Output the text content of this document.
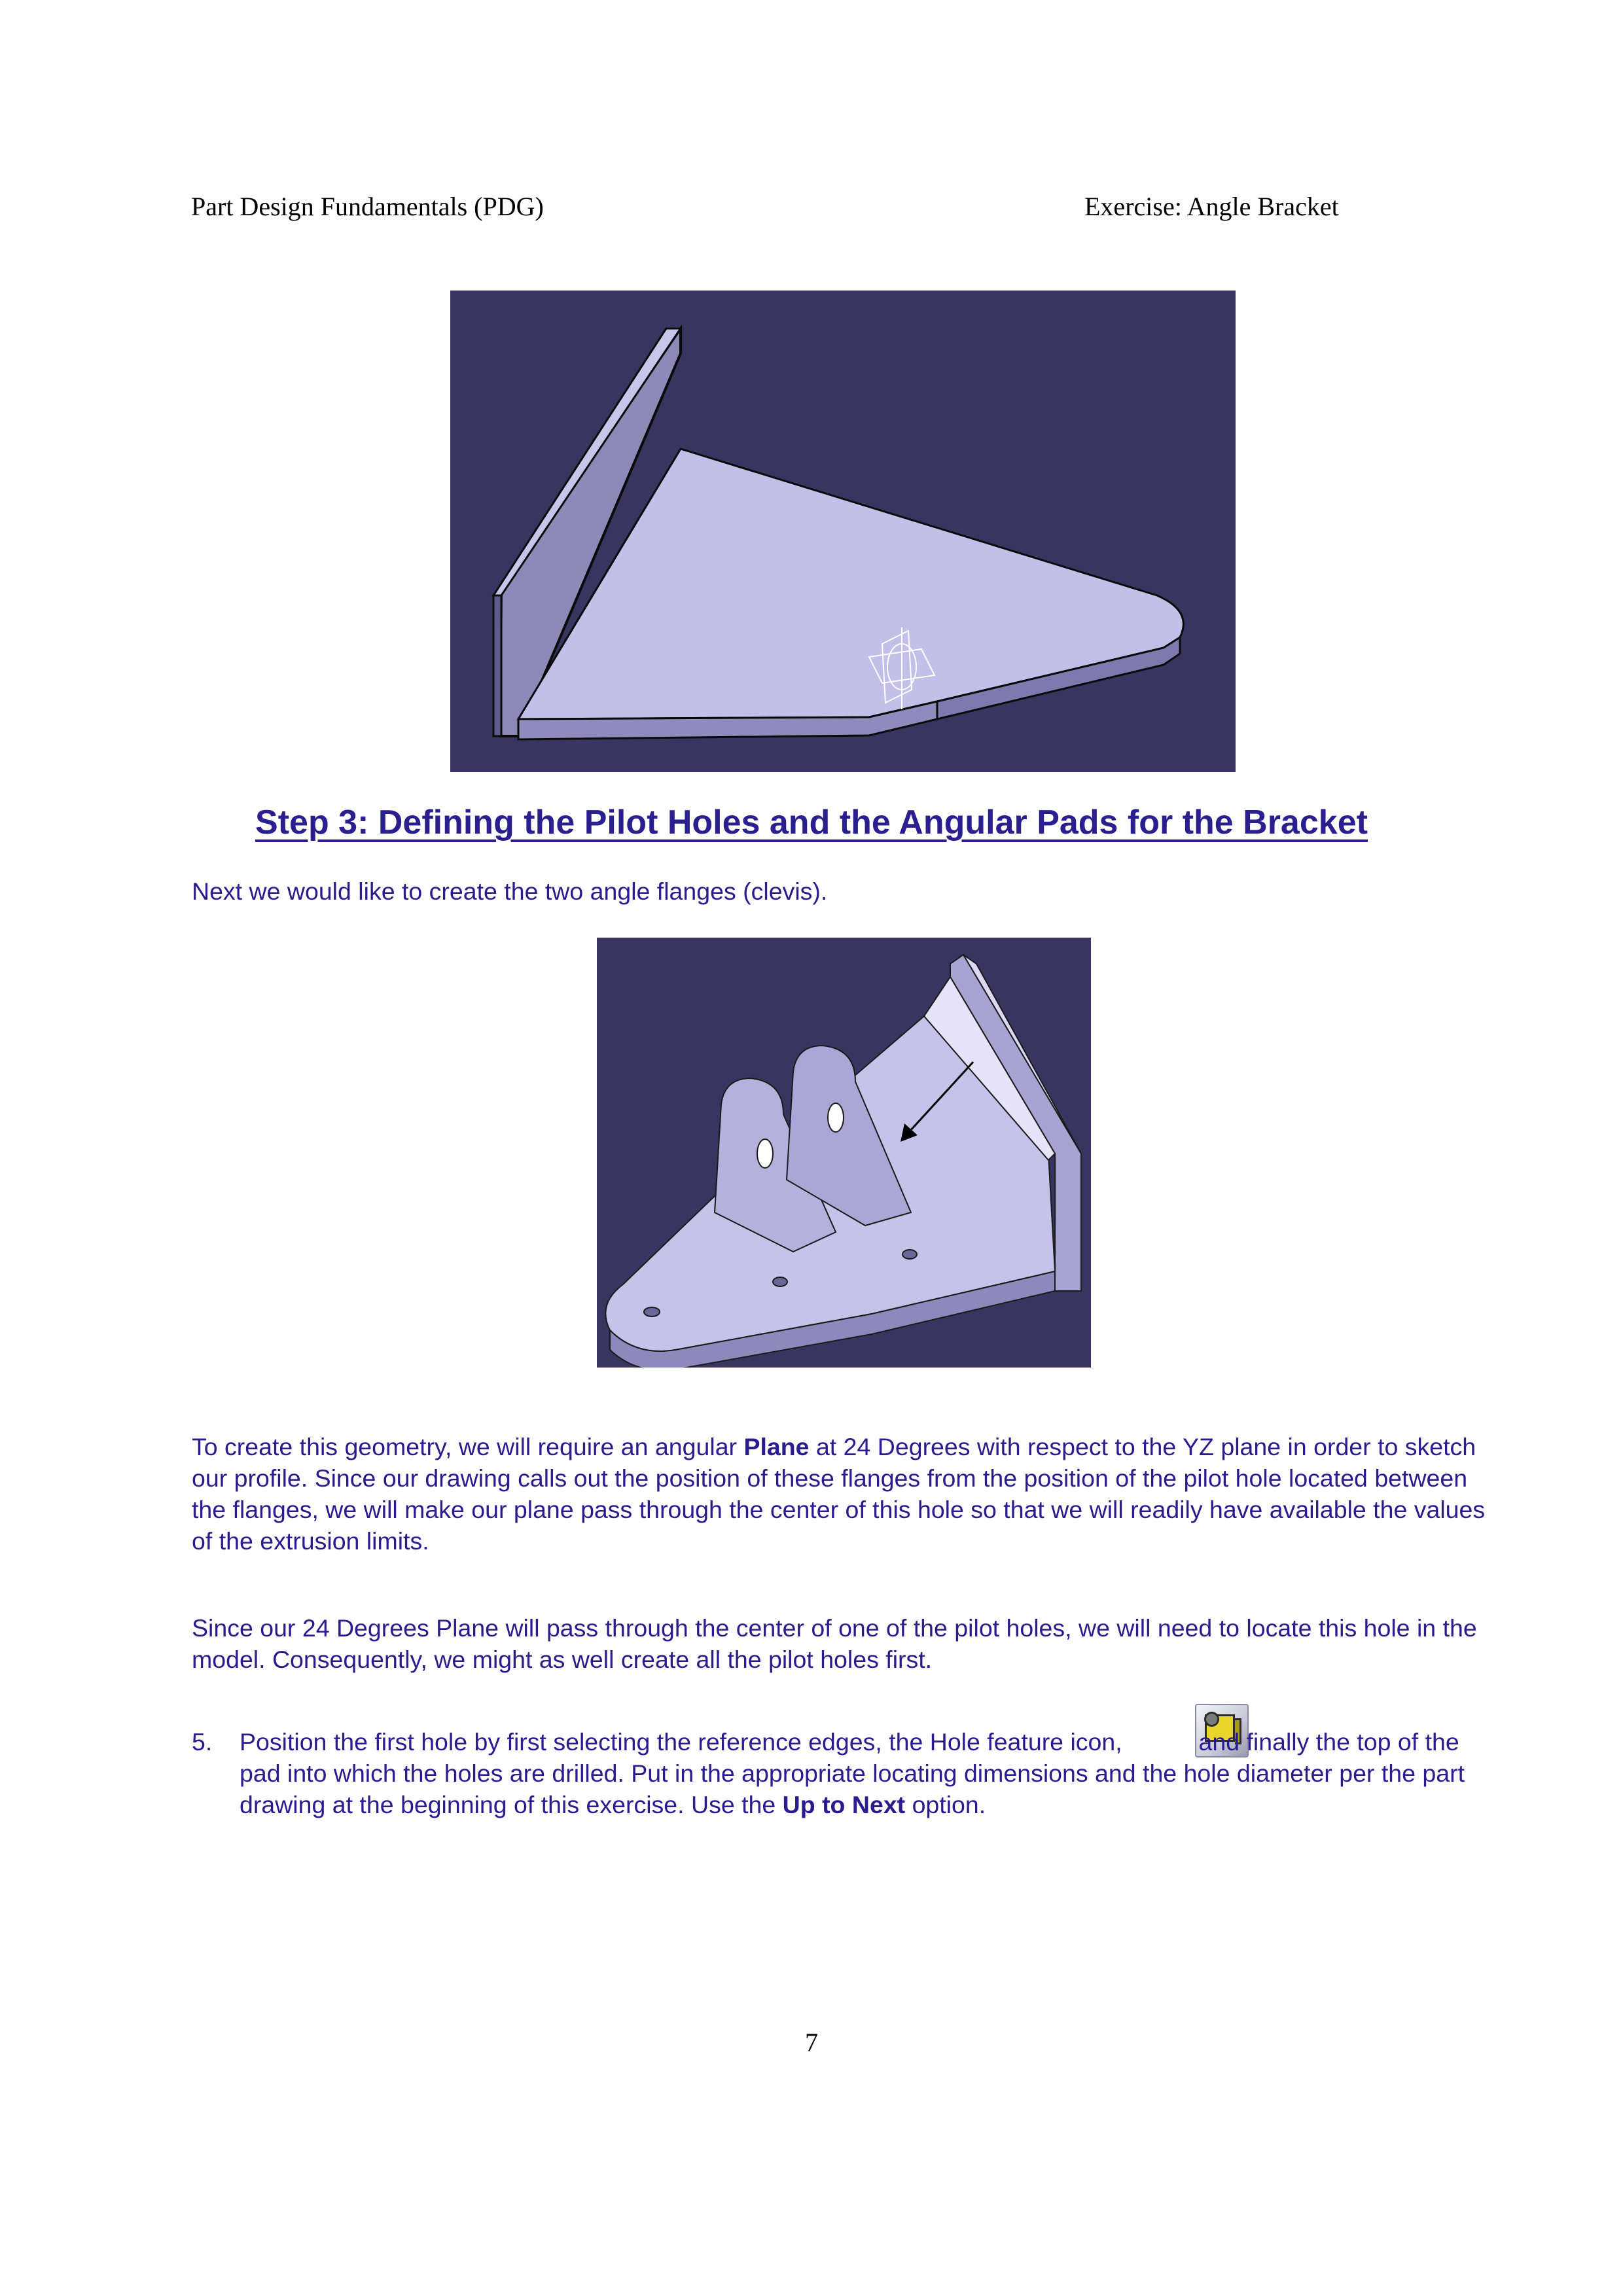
Part Design Fundamentals (PDG)	Exercise: Angle Bracket
Step 3: Defining the Pilot Holes and the Angular Pads for the Bracket
Next we would like to create the two angle flanges (clevis).
To create this geometry, we will require an angular Plane at 24 Degrees with respect to the YZ plane in order to sketch our profile. Since our drawing calls out the position of these flanges from the position of the pilot hole located between the flanges, we will make our plane pass through the center of this hole so that we will readily have available the values of the extrusion limits.
Since our 24 Degrees Plane will pass through the center of one of the pilot holes, we will need to locate this hole in the model. Consequently, we might as well create all the pilot holes first.
5. Position the first hole by first selecting the reference edges, the Hole feature icon,	and finally the top of the pad into which the holes are drilled. Put in the appropriate locating dimensions and the hole diameter per the part drawing at the beginning of this exercise. Use the Up to Next option.
7
